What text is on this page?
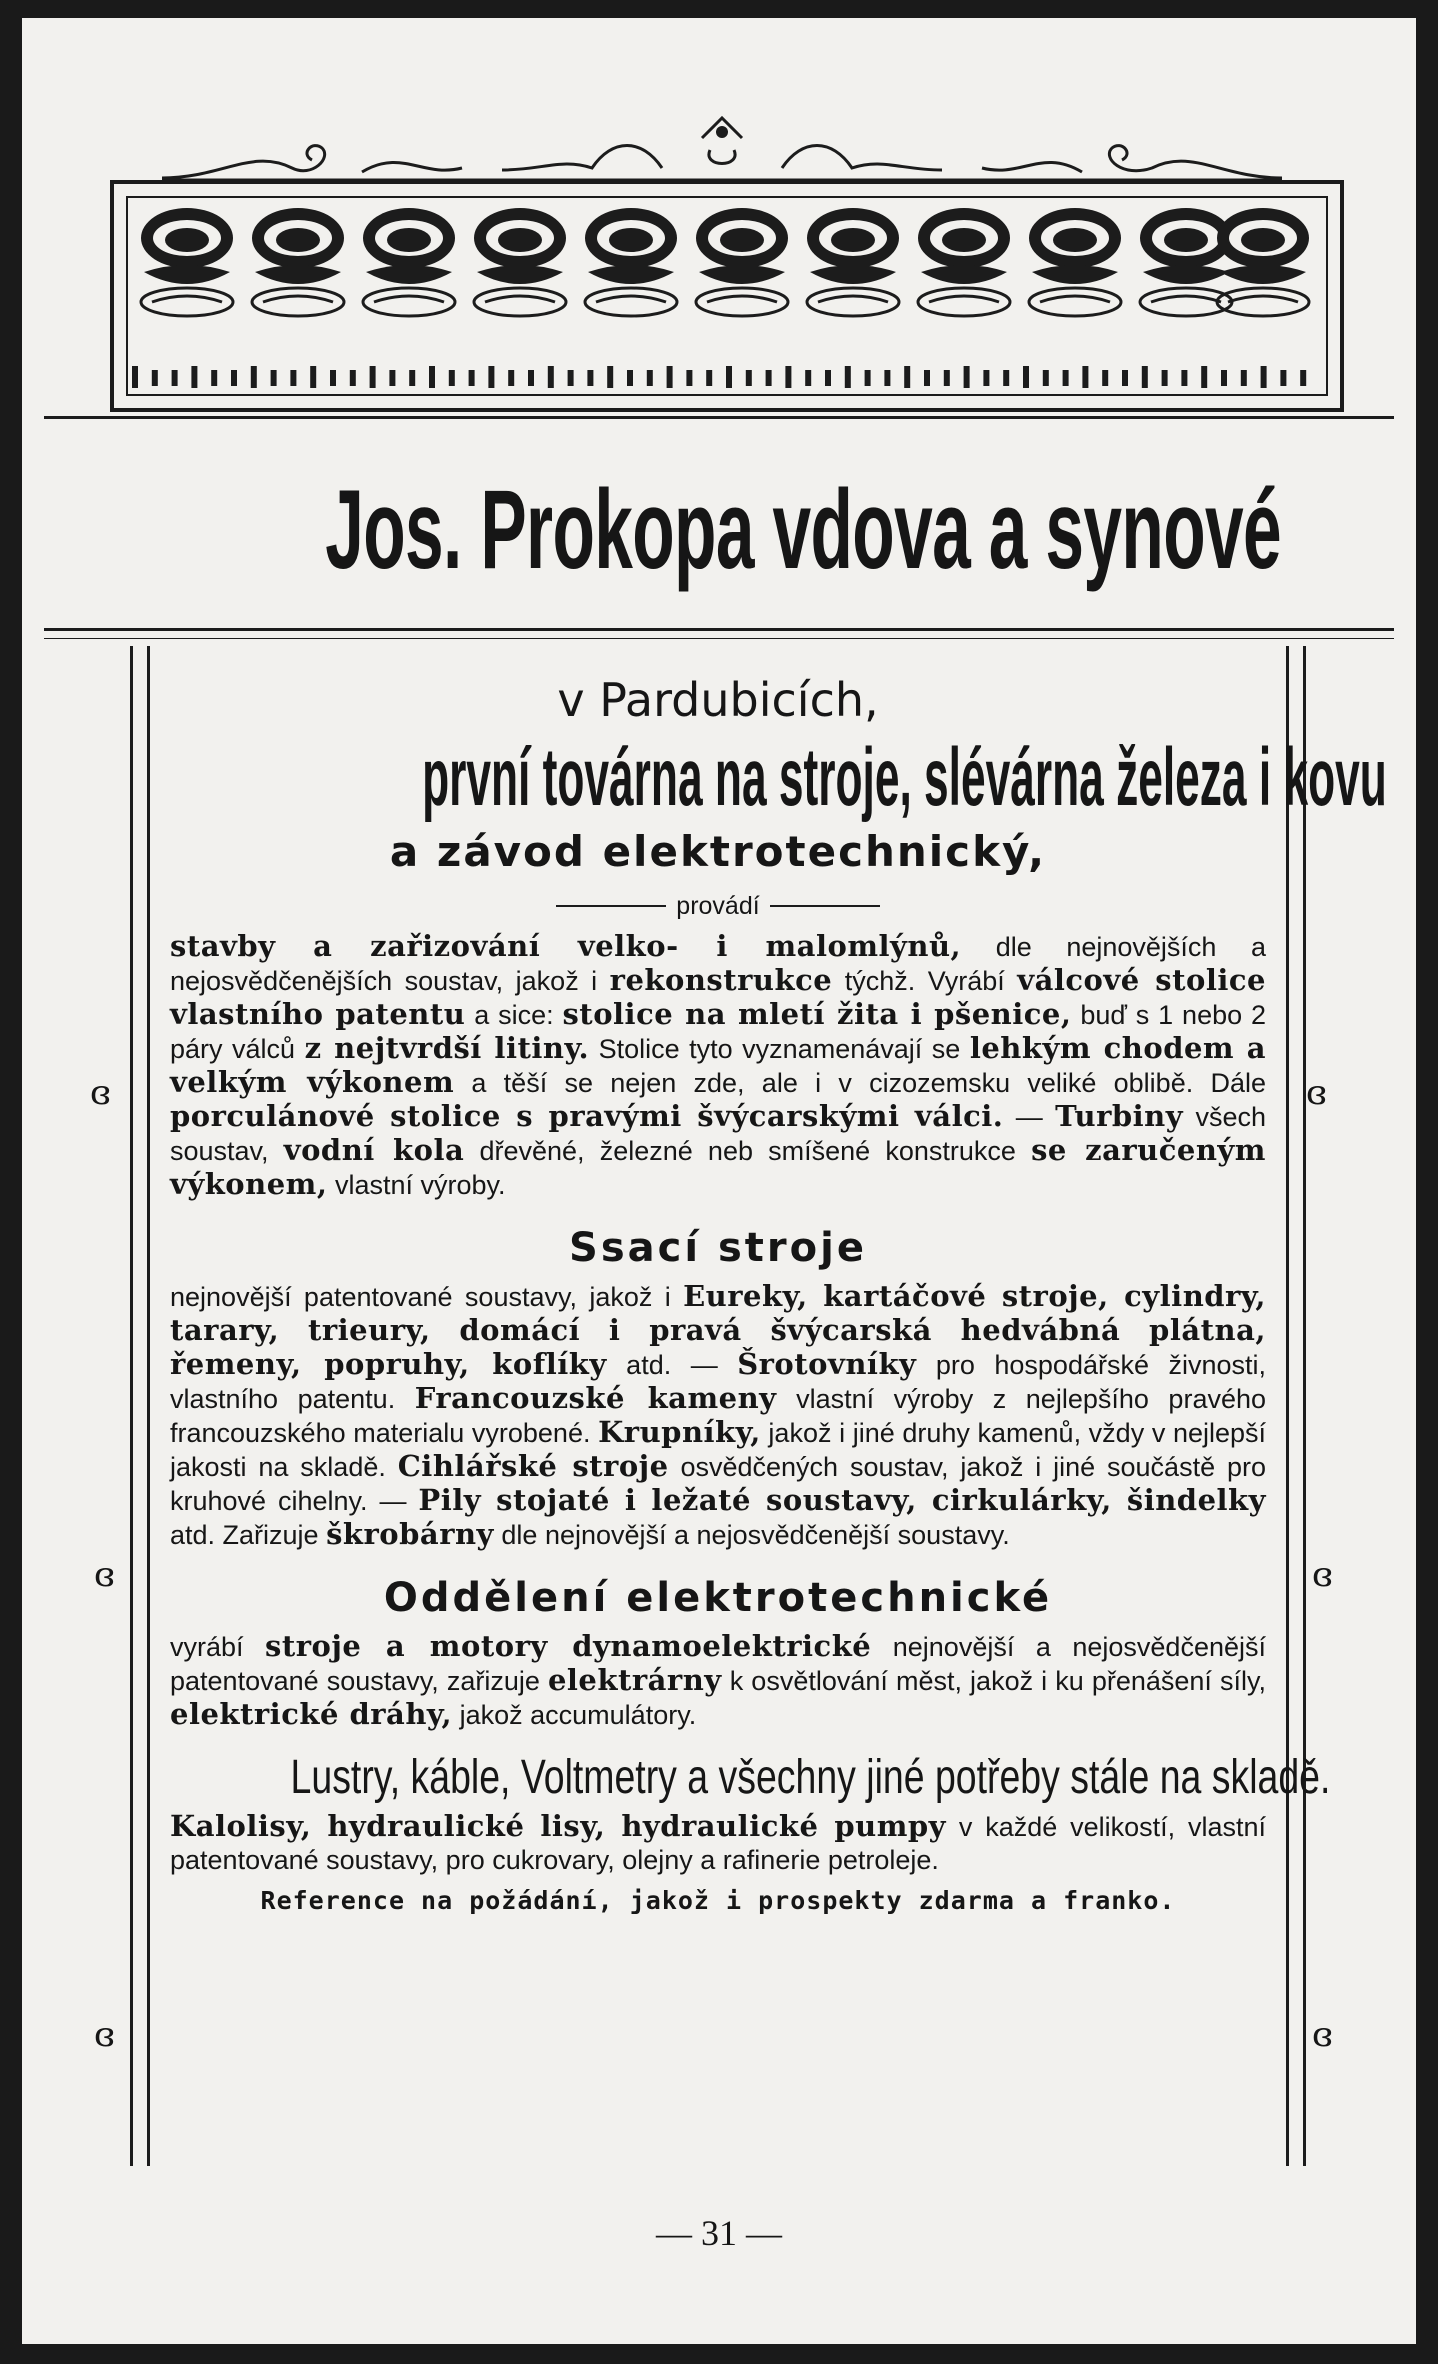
Jos. Prokopa vdova a synové
ɞ	ɞ
ɞ	ɞ
ɞ	ɞ
v Pardubicích,
první továrna na stroje, slévárna železa i kovu
a závod elektrotechnický,
provádí
stavby a zařizování velko- i malomlýnů, dle nejnovějších a nejosvědčenějších soustav, jakož i rekonstrukce týchž. Vyrábí válcové stolice vlastního patentu a sice: stolice na mletí žita i pšenice, buď s 1 nebo 2 páry válců z nejtvrdší litiny. Stolice tyto vyznamenávají se lehkým chodem a velkým výkonem a těší se nejen zde, ale i v cizozemsku veliké oblibě. Dále porculánové stolice s pravými švýcarskými válci. — Turbiny všech soustav, vodní kola dřevěné, železné neb smíšené konstrukce se zaručeným výkonem, vlastní výroby.
Ssací stroje
nejnovější patentované soustavy, jakož i Eureky, kartáčové stroje, cylindry, tarary, trieury, domácí i pravá švýcarská hedvábná plátna, řemeny, popruhy, koflíky atd. — Šrotovníky pro hospodářské živnosti, vlastního patentu. Francouzské kameny vlastní výroby z nejlepšího pravého francouzského materialu vyrobené. Krupníky, jakož i jiné druhy kamenů, vždy v nejlepší jakosti na skladě. Cihlářské stroje osvědčených soustav, jakož i jiné součástě pro kruhové cihelny. — Pily stojaté i ležaté soustavy, cirkulárky, šindelky atd. Zařizuje škrobárny dle nejnovější a nejosvědčenější soustavy.
Oddělení elektrotechnické
vyrábí stroje a motory dynamoelektrické nejnovější a nejosvědčenější patentované soustavy, zařizuje elektrárny k osvětlování měst, jakož i ku přenášení síly, elektrické dráhy, jakož accumulátory.
Lustry, káble, Voltmetry a všechny jiné potřeby stále na skladě.
Kalolisy, hydraulické lisy, hydraulické pumpy v každé velikostí, vlastní patentované soustavy, pro cukrovary, olejny a rafinerie petroleje.
Reference na požádání, jakož i prospekty zdarma a franko.
— 31 —
